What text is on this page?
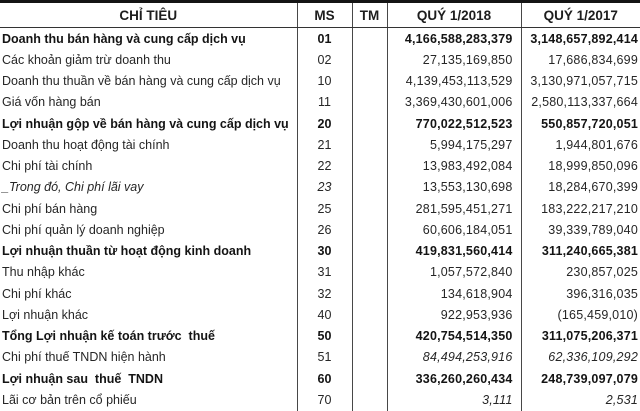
CHỈ TIÊU	MS	TM	QUÝ 1/2018	QUÝ 1/2017
Doanh thu bán hàng và cung cấp dịch vụ	01		4,166,588,283,379	3,148,657,892,414
Các khoản giảm trừ doanh thu	02		27,135,169,850	17,686,834,699
Doanh thu thuần về bán hàng và cung cấp dịch vụ	10		4,139,453,113,529	3,130,971,057,715
Giá vốn hàng bán	11		3,369,430,601,006	2,580,113,337,664
Lợi nhuận gộp về bán hàng và cung cấp dịch vụ	20		770,022,512,523	550,857,720,051
Doanh thu hoạt động tài chính	21		5,994,175,297	1,944,801,676
Chi phí tài chính	22		13,983,492,084	18,999,850,096
_Trong đó, Chi phí lãi vay	23		13,553,130,698	18,284,670,399
Chi phí bán hàng	25		281,595,451,271	183,222,217,210
Chi phí quản lý doanh nghiệp	26		60,606,184,051	39,339,789,040
Lợi nhuận thuần từ hoạt động kinh doanh	30		419,831,560,414	311,240,665,381
Thu nhập khác	31		1,057,572,840	230,857,025
Chi phí khác	32		134,618,904	396,316,035
Lợi nhuận khác	40		922,953,936	(165,459,010)
Tổng Lợi nhuận kế toán trước  thuế	50		420,754,514,350	311,075,206,371
Chi phí thuế TNDN hiện hành	51		84,494,253,916	62,336,109,292
Lợi nhuận sau  thuế  TNDN	60		336,260,260,434	248,739,097,079
Lãi cơ bản trên cổ phiếu	70		3,111	2,531
